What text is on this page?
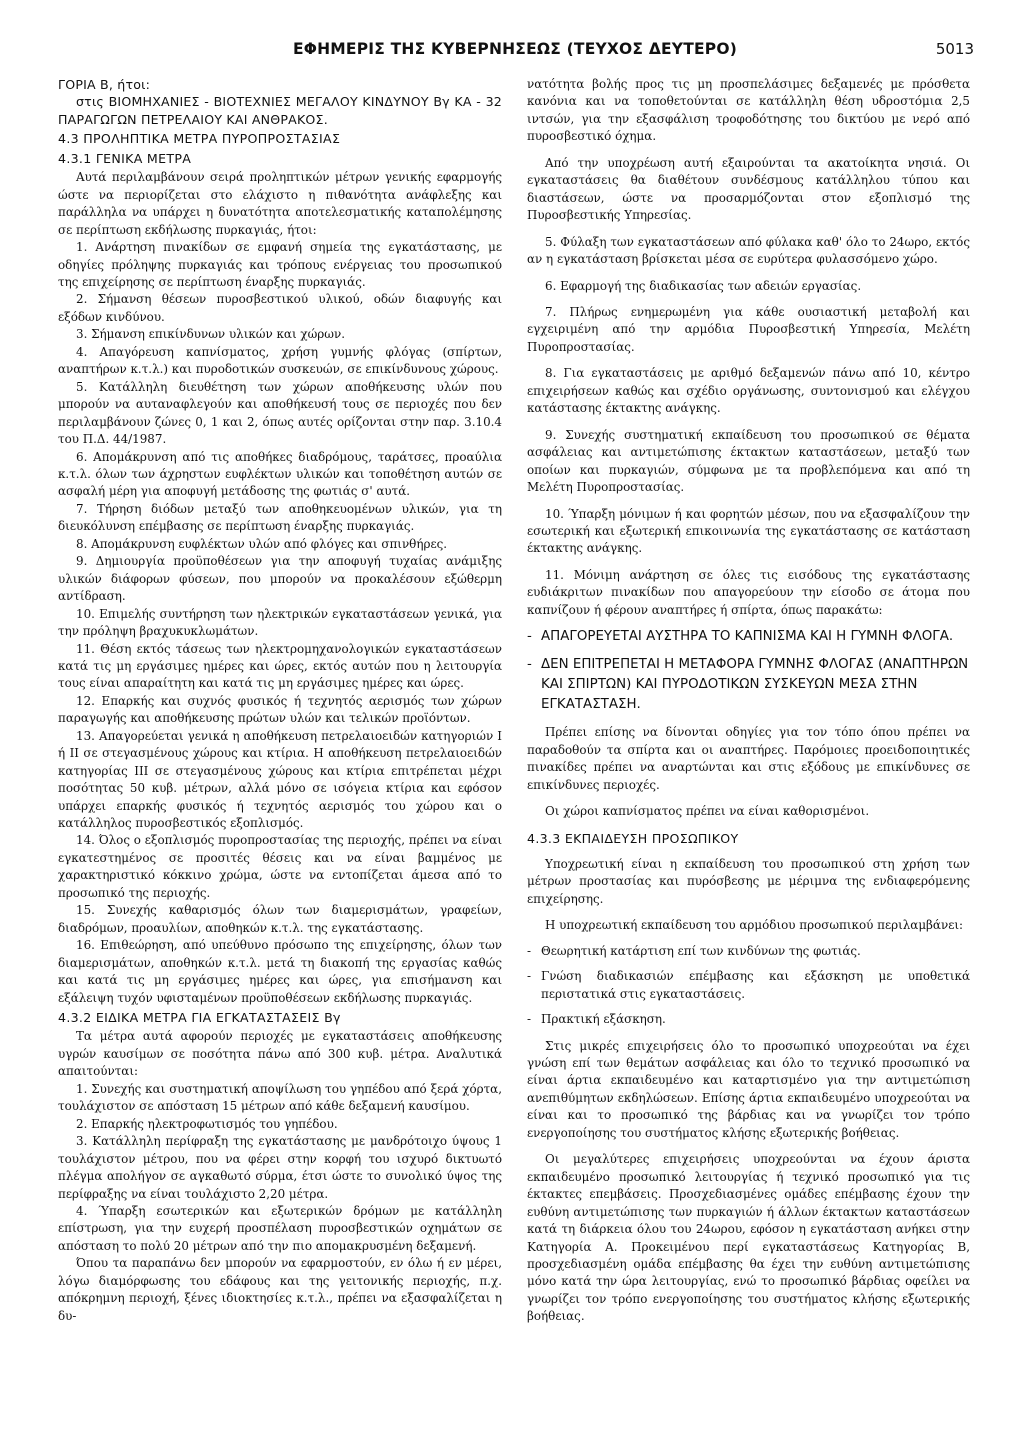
ΕΦΗΜΕΡΙΣ ΤΗΣ ΚΥΒΕΡΝΗΣΕΩΣ (ΤΕΥΧΟΣ ΔΕΥΤΕΡΟ)	5013

ΓΟΡΙΑ Β, ήτοι:

στις ΒΙΟΜΗΧΑΝΙΕΣ - ΒΙΟΤΕΧΝΙΕΣ ΜΕΓΑΛΟΥ ΚΙΝΔΥΝΟΥ Βγ ΚΑ - 32 ΠΑΡΑΓΩΓΩΝ ΠΕΤΡΕΛΑΙΟΥ ΚΑΙ ΑΝΘΡΑΚΟΣ.

4.3 ΠΡΟΛΗΠΤΙΚΑ ΜΕΤΡΑ ΠΥΡΟΠΡΟΣΤΑΣΙΑΣ
4.3.1 ΓΕΝΙΚΑ ΜΕΤΡΑ

Αυτά περιλαμβάνουν σειρά προληπτικών μέτρων γενικής εφαρμογής ώστε να περιορίζεται στο ελάχιστο η πιθανότητα ανάφλεξης και παράλληλα να υπάρχει η δυνατότητα αποτελεσματικής καταπολέμησης σε περίπτωση εκδήλωσης πυρκαγιάς, ήτοι:

1. Ανάρτηση πινακίδων σε εμφανή σημεία της εγκατάστασης, με οδηγίες πρόληψης πυρκαγιάς και τρόπους ενέργειας του προσωπικού της επιχείρησης σε περίπτωση έναρξης πυρκαγιάς.

2. Σήμανση θέσεων πυροσβεστικού υλικού, οδών διαφυγής και εξόδων κινδύνου.

3. Σήμανση επικίνδυνων υλικών και χώρων.

4. Απαγόρευση καπνίσματος, χρήση γυμνής φλόγας (σπίρτων, αναπτήρων κ.τ.λ.) και πυροδοτικών συσκευών, σε επικίνδυνους χώρους.

5. Κατάλληλη διευθέτηση των χώρων αποθήκευσης υλών που μπορούν να αυταναφλεγούν και αποθήκευσή τους σε περιοχές που δεν περιλαμβάνουν ζώνες 0, 1 και 2, όπως αυτές ορίζονται στην παρ. 3.10.4 του Π.Δ. 44/1987.

6. Απομάκρυνση από τις αποθήκες διαδρόμους, ταράτσες, προαύλια κ.τ.λ. όλων των άχρηστων ευφλέκτων υλικών και τοποθέτηση αυτών σε ασφαλή μέρη για αποφυγή μετάδοσης της φωτιάς σ' αυτά.

7. Τήρηση διόδων μεταξύ των αποθηκευομένων υλικών, για τη διευκόλυνση επέμβασης σε περίπτωση έναρξης πυρκαγιάς.

8. Απομάκρυνση ευφλέκτων υλών από φλόγες και σπινθήρες.

9. Δημιουργία προϋποθέσεων για την αποφυγή τυχαίας ανάμιξης υλικών διάφορων φύσεων, που μπορούν να προκαλέσουν εξώθερμη αντίδραση.

10. Επιμελής συντήρηση των ηλεκτρικών εγκαταστάσεων γενικά, για την πρόληψη βραχυκυκλωμάτων.

11. Θέση εκτός τάσεως των ηλεκτρομηχανολογικών εγκαταστάσεων κατά τις μη εργάσιμες ημέρες και ώρες, εκτός αυτών που η λειτουργία τους είναι απαραίτητη και κατά τις μη εργάσιμες ημέρες και ώρες.

12. Επαρκής και συχνός φυσικός ή τεχνητός αερισμός των χώρων παραγωγής και αποθήκευσης πρώτων υλών και τελικών προϊόντων.

13. Απαγορεύεται γενικά η αποθήκευση πετρελαιοειδών κατηγοριών Ι ή ΙΙ σε στεγασμένους χώρους και κτίρια. Η αποθήκευση πετρελαιοειδών κατηγορίας ΙΙΙ σε στεγασμένους χώρους και κτίρια επιτρέπεται μέχρι ποσότητας 50 κυβ. μέτρων, αλλά μόνο σε ισόγεια κτίρια και εφόσον υπάρχει επαρκής φυσικός ή τεχνητός αερισμός του χώρου και ο κατάλληλος πυροσβεστικός εξοπλισμός.

14. Όλος ο εξοπλισμός πυροπροστασίας της περιοχής, πρέπει να είναι εγκατεστημένος σε προσιτές θέσεις και να είναι βαμμένος με χαρακτηριστικό κόκκινο χρώμα, ώστε να εντοπίζεται άμεσα από το προσωπικό της περιοχής.

15. Συνεχής καθαρισμός όλων των διαμερισμάτων, γραφείων, διαδρόμων, προαυλίων, αποθηκών κ.τ.λ. της εγκατάστασης.

16. Επιθεώρηση, από υπεύθυνο πρόσωπο της επιχείρησης, όλων των διαμερισμάτων, αποθηκών κ.τ.λ. μετά τη διακοπή της εργασίας καθώς και κατά τις μη εργάσιμες ημέρες και ώρες, για επισήμανση και εξάλειψη τυχόν υφισταμένων προϋποθέσεων εκδήλωσης πυρκαγιάς.

4.3.2 ΕΙΔΙΚΑ ΜΕΤΡΑ ΓΙΑ ΕΓΚΑΤΑΣΤΑΣΕΙΣ Βγ

Τα μέτρα αυτά αφορούν περιοχές με εγκαταστάσεις αποθήκευσης υγρών καυσίμων σε ποσότητα πάνω από 300 κυβ. μέτρα. Αναλυτικά απαιτούνται:

1. Συνεχής και συστηματική αποψίλωση του γηπέδου από ξερά χόρτα, τουλάχιστον σε απόσταση 15 μέτρων από κάθε δεξαμενή καυσίμου.

2. Επαρκής ηλεκτροφωτισμός του γηπέδου.

3. Κατάλληλη περίφραξη της εγκατάστασης με μανδρότοιχο ύψους 1 τουλάχιστον μέτρου, που να φέρει στην κορφή του ισχυρό δικτυωτό πλέγμα απολήγον σε αγκαθωτό σύρμα, έτσι ώστε το συνολικό ύψος της περίφραξης να είναι τουλάχιστο 2,20 μέτρα.

4. Ύπαρξη εσωτερικών και εξωτερικών δρόμων με κατάλληλη επίστρωση, για την ευχερή προσπέλαση πυροσβεστικών οχημάτων σε απόσταση το πολύ 20 μέτρων από την πιο απομακρυσμένη δεξαμενή.

Όπου τα παραπάνω δεν μπορούν να εφαρμοστούν, εν όλω ή εν μέρει, λόγω διαμόρφωσης του εδάφους και της γειτονικής περιοχής, π.χ. απόκρημνη περιοχή, ξένες ιδιοκτησίες κ.τ.λ., πρέπει να εξασφαλίζεται η δυ-

νατότητα βολής προς τις μη προσπελάσιμες δεξαμενές με πρόσθετα κανόνια και να τοποθετούνται σε κατάλληλη θέση υδροστόμια 2,5 ιντσών, για την εξασφάλιση τροφοδότησης του δικτύου με νερό από πυροσβεστικό όχημα.

Από την υποχρέωση αυτή εξαιρούνται τα ακατοίκητα νησιά. Οι εγκαταστάσεις θα διαθέτουν συνδέσμους κατάλληλου τύπου και διαστάσεων, ώστε να προσαρμόζονται στον εξοπλισμό της Πυροσβεστικής Υπηρεσίας.

5. Φύλαξη των εγκαταστάσεων από φύλακα καθ' όλο το 24ωρο, εκτός αν η εγκατάσταση βρίσκεται μέσα σε ευρύτερα φυλασσόμενο χώρο.

6. Εφαρμογή της διαδικασίας των αδειών εργασίας.

7. Πλήρως ενημερωμένη για κάθε ουσιαστική μεταβολή και εγχειριμένη από την αρμόδια Πυροσβεστική Υπηρεσία, Μελέτη Πυροπροστασίας.

8. Για εγκαταστάσεις με αριθμό δεξαμενών πάνω από 10, κέντρο επιχειρήσεων καθώς και σχέδιο οργάνωσης, συντονισμού και ελέγχου κατάστασης έκτακτης ανάγκης.

9. Συνεχής συστηματική εκπαίδευση του προσωπικού σε θέματα ασφάλειας και αντιμετώπισης έκτακτων καταστάσεων, μεταξύ των οποίων και πυρκαγιών, σύμφωνα με τα προβλεπόμενα και από τη Μελέτη Πυροπροστασίας.

10. Ύπαρξη μόνιμων ή και φορητών μέσων, που να εξασφαλίζουν την εσωτερική και εξωτερική επικοινωνία της εγκατάστασης σε κατάσταση έκτακτης ανάγκης.

11. Μόνιμη ανάρτηση σε όλες τις εισόδους της εγκατάστασης ευδιάκριτων πινακίδων που απαγορεύουν την είσοδο σε άτομα που καπνίζουν ή φέρουν αναπτήρες ή σπίρτα, όπως παρακάτω:

- ΑΠΑΓΟΡΕΥΕΤΑΙ ΑΥΣΤΗΡΑ ΤΟ ΚΑΠΝΙΣΜΑ ΚΑΙ Η ΓΥΜΝΗ ΦΛΟΓΑ.

- ΔΕΝ ΕΠΙΤΡΕΠΕΤΑΙ Η ΜΕΤΑΦΟΡΑ ΓΥΜΝΗΣ ΦΛΟΓΑΣ (ΑΝΑΠΤΗΡΩΝ ΚΑΙ ΣΠΙΡΤΩΝ) ΚΑΙ ΠΥΡΟΔΟΤΙΚΩΝ ΣΥΣΚΕΥΩΝ ΜΕΣΑ ΣΤΗΝ ΕΓΚΑΤΑΣΤΑΣΗ.

Πρέπει επίσης να δίνονται οδηγίες για τον τόπο όπου πρέπει να παραδοθούν τα σπίρτα και οι αναπτήρες. Παρόμοιες προειδοποιητικές πινακίδες πρέπει να αναρτώνται και στις εξόδους με επικίνδυνες σε επικίνδυνες περιοχές.

Οι χώροι καπνίσματος πρέπει να είναι καθορισμένοι.

4.3.3 ΕΚΠΑΙΔΕΥΣΗ ΠΡΟΣΩΠΙΚΟΥ

Υποχρεωτική είναι η εκπαίδευση του προσωπικού στη χρήση των μέτρων προστασίας και πυρόσβεσης με μέριμνα της ενδιαφερόμενης επιχείρησης.

Η υποχρεωτική εκπαίδευση του αρμόδιου προσωπικού περιλαμβάνει:

- Θεωρητική κατάρτιση επί των κινδύνων της φωτιάς.

- Γνώση διαδικασιών επέμβασης και εξάσκηση με υποθετικά περιστατικά στις εγκαταστάσεις.

- Πρακτική εξάσκηση.

Στις μικρές επιχειρήσεις όλο το προσωπικό υποχρεούται να έχει γνώση επί των θεμάτων ασφάλειας και όλο το τεχνικό προσωπικό να είναι άρτια εκπαιδευμένο και καταρτισμένο για την αντιμετώπιση ανεπιθύμητων εκδηλώσεων. Επίσης άρτια εκπαιδευμένο υποχρεούται να είναι και το προσωπικό της βάρδιας και να γνωρίζει τον τρόπο ενεργοποίησης του συστήματος κλήσης εξωτερικής βοήθειας.

Οι μεγαλύτερες επιχειρήσεις υποχρεούνται να έχουν άριστα εκπαιδευμένο προσωπικό λειτουργίας ή τεχνικό προσωπικό για τις έκτακτες επεμβάσεις. Προσχεδιασμένες ομάδες επέμβασης έχουν την ευθύνη αντιμετώπισης των πυρκαγιών ή άλλων έκτακτων καταστάσεων κατά τη διάρκεια όλου του 24ωρου, εφόσον η εγκατάσταση ανήκει στην Κατηγορία Α. Προκειμένου περί εγκαταστάσεως Κατηγορίας Β, προσχεδιασμένη ομάδα επέμβασης θα έχει την ευθύνη αντιμετώπισης μόνο κατά την ώρα λειτουργίας, ενώ το προσωπικό βάρδιας οφείλει να γνωρίζει τον τρόπο ενεργοποίησης του συστήματος κλήσης εξωτερικής βοήθειας.
